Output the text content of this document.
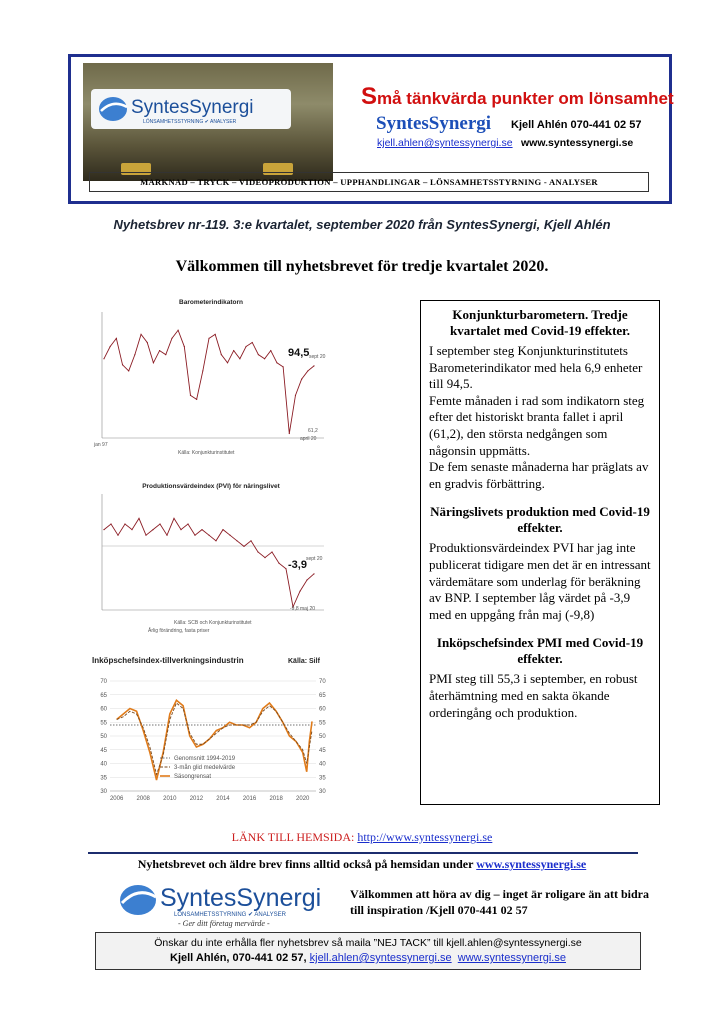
SyntesSynergi
LÖNSAMHETSSTYRNING ✔ ANALYSER
Små tänkvärda punkter om lönsamhet
SyntesSynergi Kjell Ahlén 070-441 02 57
kjell.ahlen@syntessynergi.se www.syntessynergi.se
MARKNAD – TRYCK – VIDEOPRODUKTION – UPPHANDLINGAR – LÖNSAMHETSSTYRNING - ANALYSER
Nyhetsbrev nr-119. 3:e kvartalet, september 2020 från SyntesSynergi, Kjell Ahlén
Välkommen till nyhetsbrevet för tredje kvartalet 2020.
Barometerindikatorn
94,5 sept 20
61,2
april 20
jan 97
Källa: Konjunkturinstitutet
Produktionsvärdeindex (PVI) för näringslivet
-3,9 sept 20
-9,8 maj 20
Källa: SCB och Konjunkturinstitutet
Årlig förändring, fasta priser
Inköpschefsindex-tillverkningsindustrin	Källa: Silf
30	30
35	35
40	40
45	45
50	50
55	55
60	60
65	65
70	70
2006 2008 2010 2012 2014 2016 2018 2020
Genomsnitt 1994-2019
3-mån glid medelvärde
Säsongrensat
Konjunkturbarometern. Tredje kvartalet med Covid-19 effekter.

I september steg Konjunkturinstitutets Barometerindikator med hela 6,9 enheter till 94,5.
Femte månaden i rad som indikatorn steg efter det historiskt branta fallet i april (61,2), den största nedgången som någonsin uppmätts.
De fem senaste månaderna har präglats av en gradvis förbättring.

Näringslivets produktion med Covid-19 effekter.

Produktionsvärdeindex PVI har jag inte publicerat tidigare men det är en intressant värdemätare som underlag för beräkning av BNP. I september låg värdet på -3,9 med en uppgång från maj (-9,8)

Inköpschefsindex PMI med Covid-19 effekter.

PMI steg till 55,3 i september, en robust återhämtning med en sakta ökande orderingång och produktion.

LÄNK TILL HEMSIDA: http://www.syntessynergi.se
Nyhetsbrevet och äldre brev finns alltid också på hemsidan under www.syntessynergi.se
SyntesSynergi
LÖNSAMHETSSTYRNING ✔ ANALYSER
- Ger ditt företag mervärde -
Välkommen att höra av dig – inget är roligare än att bidra till inspiration /Kjell 070-441 02 57
Önskar du inte erhålla fler nyhetsbrev så maila ”NEJ TACK” till kjell.ahlen@syntessynergi.se
Kjell Ahlén, 070-441 02 57, kjell.ahlen@syntessynergi.se www.syntessynergi.se
